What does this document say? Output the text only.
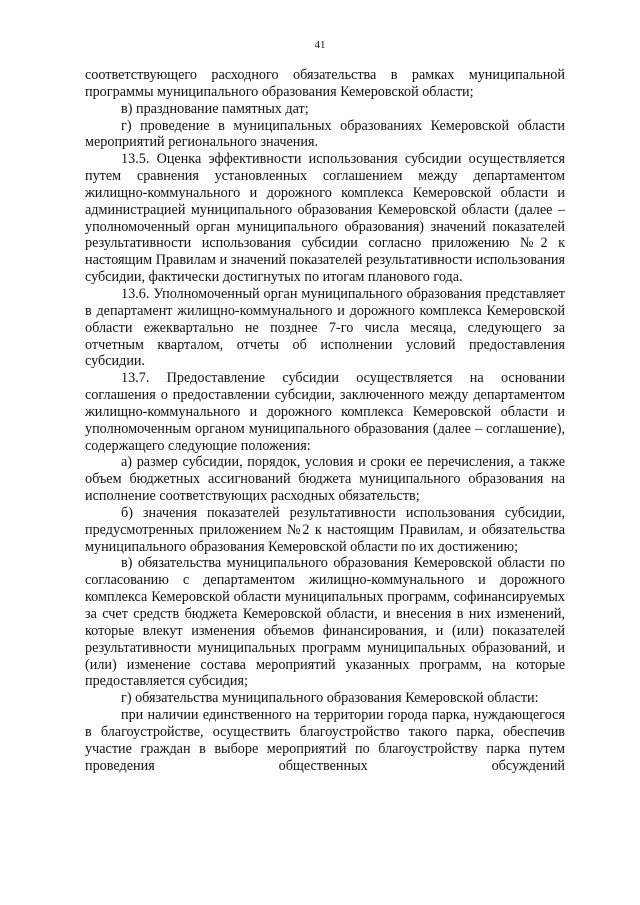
41

соответствующего расходного обязательства в рамках муниципальной программы муниципального образования Кемеровской области;

в) празднование памятных дат;

г) проведение в муниципальных образованиях Кемеровской области мероприятий регионального значения.

13.5. Оценка эффективности использования субсидии осуществляется путем сравнения установленных соглашением между департаментом жилищно-коммунального и дорожного комплекса Кемеровской области и администрацией муниципального образования Кемеровской области (далее – уполномоченный орган муниципального образования) значений показателей результативности использования субсидии согласно приложению №2 к настоящим Правилам и значений показателей результативности использования субсидии, фактически достигнутых по итогам планового года.

13.6. Уполномоченный орган муниципального образования представляет в департамент жилищно-коммунального и дорожного комплекса Кемеровской области ежеквартально не позднее 7-го числа месяца, следующего за отчетным кварталом, отчеты об исполнении условий предоставления субсидии.

13.7. Предоставление субсидии осуществляется на основании соглашения о предоставлении субсидии, заключенного между департаментом жилищно-коммунального и дорожного комплекса Кемеровской области и уполномоченным органом муниципального образования (далее – соглашение), содержащего следующие положения:

а) размер субсидии, порядок, условия и сроки ее перечисления, а также объем бюджетных ассигнований бюджета муниципального образования на исполнение соответствующих расходных обязательств;

б) значения показателей результативности использования субсидии, предусмотренных приложением №2 к настоящим Правилам, и обязательства муниципального образования Кемеровской области по их достижению;

в) обязательства муниципального образования Кемеровской области по согласованию с департаментом жилищно-коммунального и дорожного комплекса Кемеровской области муниципальных программ, софинансируемых за счет средств бюджета Кемеровской области, и внесения в них изменений, которые влекут изменения объемов финансирования, и (или) показателей результативности муниципальных программ муниципальных образований, и (или) изменение состава мероприятий указанных программ, на которые предоставляется субсидия;

г) обязательства муниципального образования Кемеровской области:

при наличии единственного на территории города парка, нуждающегося в благоустройстве, осуществить благоустройство такого парка, обеспечив участие граждан в выборе мероприятий по благоустройству парка путем проведения общественных обсуждений
